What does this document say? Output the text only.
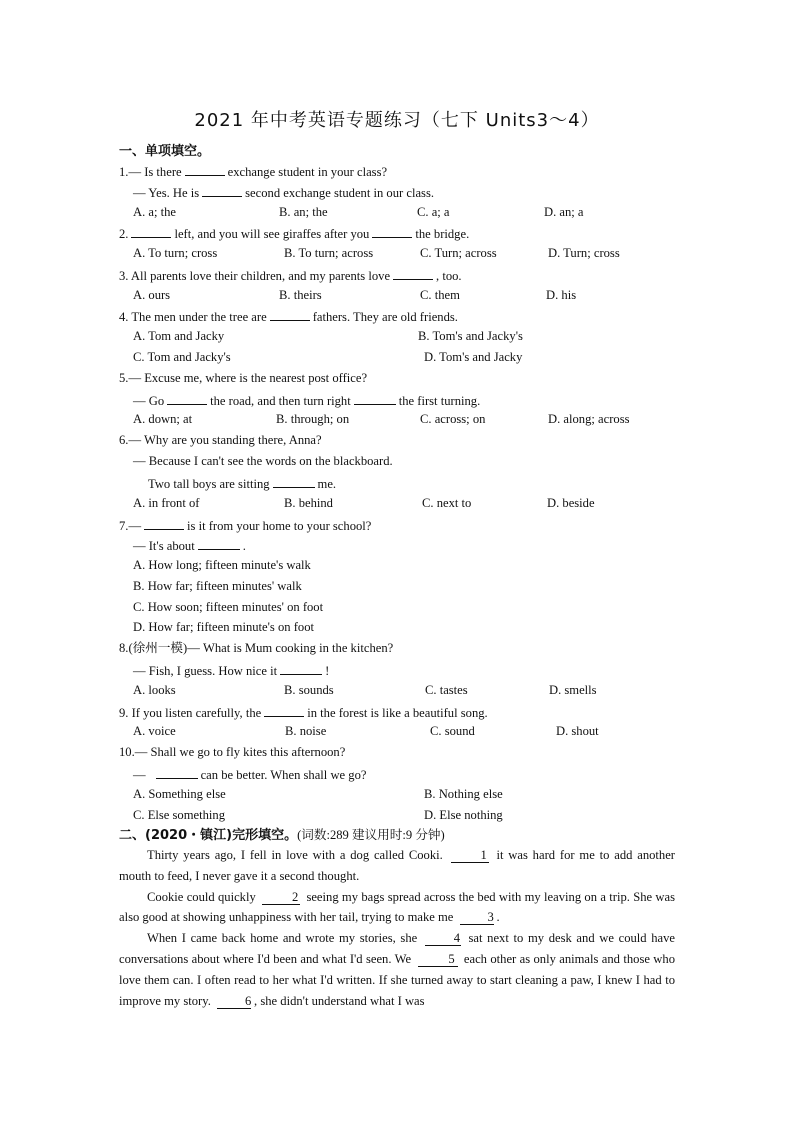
2021 年中考英语专题练习（七下 Units3～4）
一、单项填空。
1.— Is there	exchange student in your class?
— Yes. He is	second exchange student in our class.
A. a; the	B. an; the	C. a; a	D. an; a
2.	left, and you will see giraffes after you	the bridge.
A. To turn; cross	B. To turn; across	C. Turn; across	D. Turn; cross
3. All parents love their children, and my parents love	, too.
A. ours	B. theirs	C. them	D. his
4. The men under the tree are	fathers. They are old friends.
A. Tom and Jacky	B. Tom's and Jacky's
C. Tom and Jacky's	D. Tom's and Jacky
5.— Excuse me, where is the nearest post office?
— Go	the road, and then turn right	the first turning.
A. down; at	B. through; on	C. across; on	D. along; across
6.— Why are you standing there, Anna?
— Because I can't see the words on the blackboard.
Two tall boys are sitting	me.
A. in front of	B. behind	C. next to	D. beside
7.—	is it from your home to your school?
— It's about	.
A. How long; fifteen minute's walk
B. How far; fifteen minutes' walk
C. How soon; fifteen minutes' on foot
D. How far; fifteen minute's on foot
8.(徐州一模)— What is Mum cooking in the kitchen?
— Fish, I guess. How nice it	!
A. looks	B. sounds	C. tastes	D. smells
9. If you listen carefully, the	in the forest is like a beautiful song.
A. voice	B. noise	C. sound	D. shout
10.— Shall we go to fly kites this afternoon?
—	can be better. When shall we go?
A. Something else	B. Nothing else
C. Else something	D. Else nothing
二、(2020・镇江)完形填空。(词数:289 建议用时:9 分钟)

Thirty years ago, I fell in love with a dog called Cooki.	1 it was hard for me to add another mouth to feed, I never gave it a second thought.

Cookie could quickly	2 seeing my bags spread across the bed with my leaving on a trip. She was also good at showing unhappiness with her tail, trying to make me	3 .

When I came back home and wrote my stories, she	4 sat next to my desk and we could have conversations about where I'd been and what I'd seen. We	5 each other as only animals and those who love them can. I often read to her what I'd written. If she turned away to start cleaning a paw, I knew I had to improve my story.	6 , she didn't understand what I was
